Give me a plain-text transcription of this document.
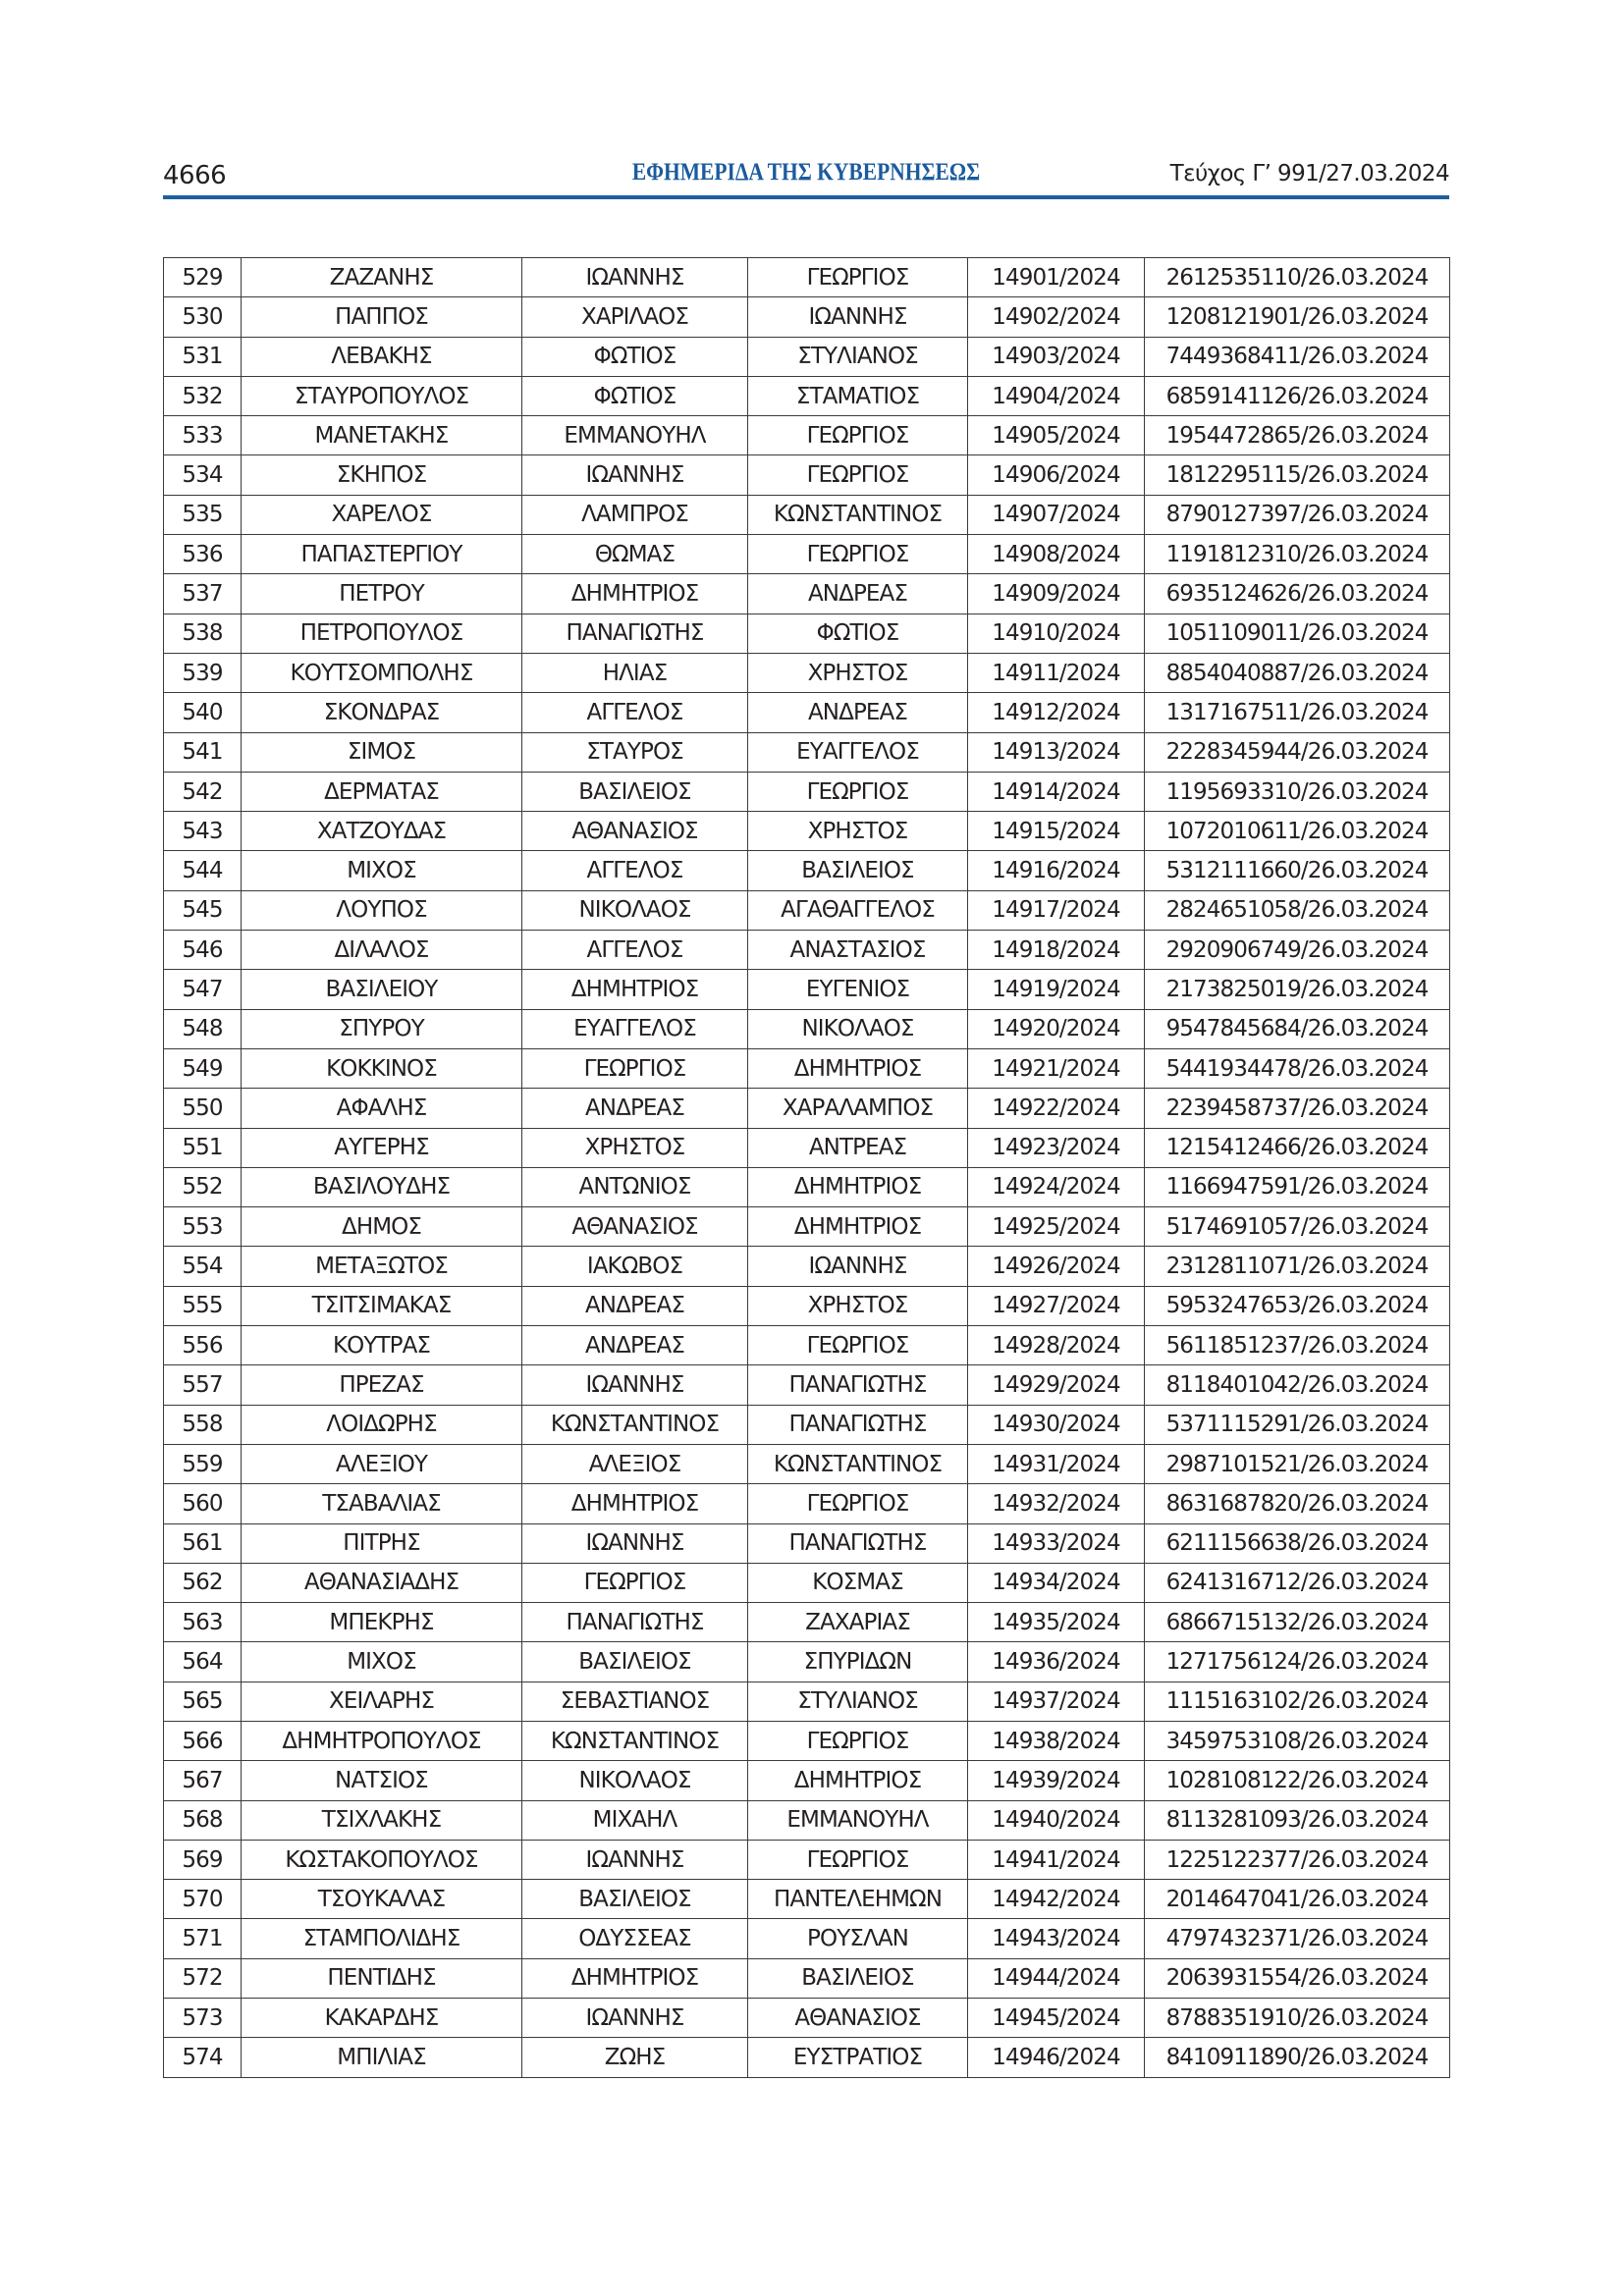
4666	ΕΦΗΜΕΡΙΔΑ ΤΗΣ ΚΥΒΕΡΝΗΣΕΩΣ	Τεύχος Γ’ 991/27.03.2024
529	ΖΑΖΑΝΗΣ	ΙΩΑΝΝΗΣ	ΓΕΩΡΓΙΟΣ	14901/2024	2612535110/26.03.2024
530	ΠΑΠΠΟΣ	ΧΑΡΙΛΑΟΣ	ΙΩΑΝΝΗΣ	14902/2024	1208121901/26.03.2024
531	ΛΕΒΑΚΗΣ	ΦΩΤΙΟΣ	ΣΤΥΛΙΑΝΟΣ	14903/2024	7449368411/26.03.2024
532	ΣΤΑΥΡΟΠΟΥΛΟΣ	ΦΩΤΙΟΣ	ΣΤΑΜΑΤΙΟΣ	14904/2024	6859141126/26.03.2024
533	ΜΑΝΕΤΑΚΗΣ	ΕΜΜΑΝΟΥΗΛ	ΓΕΩΡΓΙΟΣ	14905/2024	1954472865/26.03.2024
534	ΣΚΗΠΟΣ	ΙΩΑΝΝΗΣ	ΓΕΩΡΓΙΟΣ	14906/2024	1812295115/26.03.2024
535	ΧΑΡΕΛΟΣ	ΛΑΜΠΡΟΣ	ΚΩΝΣΤΑΝΤΙΝΟΣ	14907/2024	8790127397/26.03.2024
536	ΠΑΠΑΣΤΕΡΓΙΟΥ	ΘΩΜΑΣ	ΓΕΩΡΓΙΟΣ	14908/2024	1191812310/26.03.2024
537	ΠΕΤΡΟΥ	ΔΗΜΗΤΡΙΟΣ	ΑΝΔΡΕΑΣ	14909/2024	6935124626/26.03.2024
538	ΠΕΤΡΟΠΟΥΛΟΣ	ΠΑΝΑΓΙΩΤΗΣ	ΦΩΤΙΟΣ	14910/2024	1051109011/26.03.2024
539	ΚΟΥΤΣΟΜΠΟΛΗΣ	ΗΛΙΑΣ	ΧΡΗΣΤΟΣ	14911/2024	8854040887/26.03.2024
540	ΣΚΟΝΔΡΑΣ	ΑΓΓΕΛΟΣ	ΑΝΔΡΕΑΣ	14912/2024	1317167511/26.03.2024
541	ΣΙΜΟΣ	ΣΤΑΥΡΟΣ	ΕΥΑΓΓΕΛΟΣ	14913/2024	2228345944/26.03.2024
542	ΔΕΡΜΑΤΑΣ	ΒΑΣΙΛΕΙΟΣ	ΓΕΩΡΓΙΟΣ	14914/2024	1195693310/26.03.2024
543	ΧΑΤΖΟΥΔΑΣ	ΑΘΑΝΑΣΙΟΣ	ΧΡΗΣΤΟΣ	14915/2024	1072010611/26.03.2024
544	ΜΙΧΟΣ	ΑΓΓΕΛΟΣ	ΒΑΣΙΛΕΙΟΣ	14916/2024	5312111660/26.03.2024
545	ΛΟΥΠΟΣ	ΝΙΚΟΛΑΟΣ	ΑΓΑΘΑΓΓΕΛΟΣ	14917/2024	2824651058/26.03.2024
546	ΔΙΛΑΛΟΣ	ΑΓΓΕΛΟΣ	ΑΝΑΣΤΑΣΙΟΣ	14918/2024	2920906749/26.03.2024
547	ΒΑΣΙΛΕΙΟΥ	ΔΗΜΗΤΡΙΟΣ	ΕΥΓΕΝΙΟΣ	14919/2024	2173825019/26.03.2024
548	ΣΠΥΡΟΥ	ΕΥΑΓΓΕΛΟΣ	ΝΙΚΟΛΑΟΣ	14920/2024	9547845684/26.03.2024
549	ΚΟΚΚΙΝΟΣ	ΓΕΩΡΓΙΟΣ	ΔΗΜΗΤΡΙΟΣ	14921/2024	5441934478/26.03.2024
550	ΑΦΑΛΗΣ	ΑΝΔΡΕΑΣ	ΧΑΡΑΛΑΜΠΟΣ	14922/2024	2239458737/26.03.2024
551	ΑΥΓΕΡΗΣ	ΧΡΗΣΤΟΣ	ΑΝΤΡΕΑΣ	14923/2024	1215412466/26.03.2024
552	ΒΑΣΙΛΟΥΔΗΣ	ΑΝΤΩΝΙΟΣ	ΔΗΜΗΤΡΙΟΣ	14924/2024	1166947591/26.03.2024
553	ΔΗΜΟΣ	ΑΘΑΝΑΣΙΟΣ	ΔΗΜΗΤΡΙΟΣ	14925/2024	5174691057/26.03.2024
554	ΜΕΤΑΞΩΤΟΣ	ΙΑΚΩΒΟΣ	ΙΩΑΝΝΗΣ	14926/2024	2312811071/26.03.2024
555	ΤΣΙΤΣΙΜΑΚΑΣ	ΑΝΔΡΕΑΣ	ΧΡΗΣΤΟΣ	14927/2024	5953247653/26.03.2024
556	ΚΟΥΤΡΑΣ	ΑΝΔΡΕΑΣ	ΓΕΩΡΓΙΟΣ	14928/2024	5611851237/26.03.2024
557	ΠΡΕΖΑΣ	ΙΩΑΝΝΗΣ	ΠΑΝΑΓΙΩΤΗΣ	14929/2024	8118401042/26.03.2024
558	ΛΟΙΔΩΡΗΣ	ΚΩΝΣΤΑΝΤΙΝΟΣ	ΠΑΝΑΓΙΩΤΗΣ	14930/2024	5371115291/26.03.2024
559	ΑΛΕΞΙΟΥ	ΑΛΕΞΙΟΣ	ΚΩΝΣΤΑΝΤΙΝΟΣ	14931/2024	2987101521/26.03.2024
560	ΤΣΑΒΑΛΙΑΣ	ΔΗΜΗΤΡΙΟΣ	ΓΕΩΡΓΙΟΣ	14932/2024	8631687820/26.03.2024
561	ΠΙΤΡΗΣ	ΙΩΑΝΝΗΣ	ΠΑΝΑΓΙΩΤΗΣ	14933/2024	6211156638/26.03.2024
562	ΑΘΑΝΑΣΙΑΔΗΣ	ΓΕΩΡΓΙΟΣ	ΚΟΣΜΑΣ	14934/2024	6241316712/26.03.2024
563	ΜΠΕΚΡΗΣ	ΠΑΝΑΓΙΩΤΗΣ	ΖΑΧΑΡΙΑΣ	14935/2024	6866715132/26.03.2024
564	ΜΙΧΟΣ	ΒΑΣΙΛΕΙΟΣ	ΣΠΥΡΙΔΩΝ	14936/2024	1271756124/26.03.2024
565	ΧΕΙΛΑΡΗΣ	ΣΕΒΑΣΤΙΑΝΟΣ	ΣΤΥΛΙΑΝΟΣ	14937/2024	1115163102/26.03.2024
566	ΔΗΜΗΤΡΟΠΟΥΛΟΣ	ΚΩΝΣΤΑΝΤΙΝΟΣ	ΓΕΩΡΓΙΟΣ	14938/2024	3459753108/26.03.2024
567	ΝΑΤΣΙΟΣ	ΝΙΚΟΛΑΟΣ	ΔΗΜΗΤΡΙΟΣ	14939/2024	1028108122/26.03.2024
568	ΤΣΙΧΛΑΚΗΣ	ΜΙΧΑΗΛ	ΕΜΜΑΝΟΥΗΛ	14940/2024	8113281093/26.03.2024
569	ΚΩΣΤΑΚΟΠΟΥΛΟΣ	ΙΩΑΝΝΗΣ	ΓΕΩΡΓΙΟΣ	14941/2024	1225122377/26.03.2024
570	ΤΣΟΥΚΑΛΑΣ	ΒΑΣΙΛΕΙΟΣ	ΠΑΝΤΕΛΕΗΜΩΝ	14942/2024	2014647041/26.03.2024
571	ΣΤΑΜΠΟΛΙΔΗΣ	ΟΔΥΣΣΕΑΣ	ΡΟΥΣΛΑΝ	14943/2024	4797432371/26.03.2024
572	ΠΕΝΤΙΔΗΣ	ΔΗΜΗΤΡΙΟΣ	ΒΑΣΙΛΕΙΟΣ	14944/2024	2063931554/26.03.2024
573	ΚΑΚΑΡΔΗΣ	ΙΩΑΝΝΗΣ	ΑΘΑΝΑΣΙΟΣ	14945/2024	8788351910/26.03.2024
574	ΜΠΙΛΙΑΣ	ΖΩΗΣ	ΕΥΣΤΡΑΤΙΟΣ	14946/2024	8410911890/26.03.2024
